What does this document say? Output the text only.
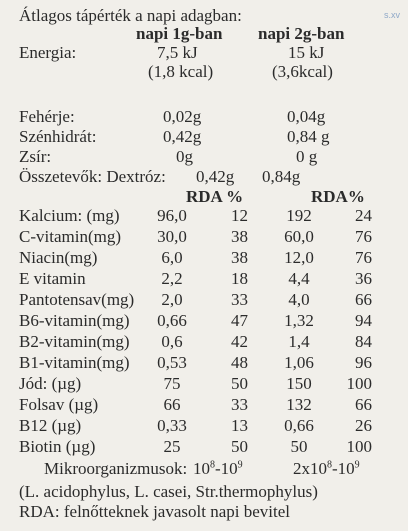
s.xv
Átlagos tápérték a napi adagban:
napi 1g-ban napi 2g-ban
Energia:	7,5 kJ	15 kJ
(1,8 kcal)	(3,6kcal)
Fehérje:	0,02g	0,04g
Szénhidrát:	0,42g	0,84 g
Zsír:	0g	0 g
Összetevők: Dextróz: 0,42g 0,84g
RDA %	RDA%
Kalcium: (mg)	96,0	12	192	24
C-vitamin(mg)	30,0	38	60,0	76
Niacin(mg)	6,0	38	12,0	76
E vitamin	2,2	18	4,4	36
Pantotensav(mg)	2,0	33	4,0	66
B6-vitamin(mg)	0,66	47	1,32	94
B2-vitamin(mg)	0,6	42	1,4	84
B1-vitamin(mg)	0,53	48	1,06	96
Jód: (µg)	75	50	150	100
Folsav (µg)	66	33	132	66
B12 (µg)	0,33	13	0,66	26
Biotin (µg)	25	50	50	100
Mikroorganizmusok: $10^8-10^9$	$2x10^8-10^9$
(L. acidophylus, L. casei, Str.thermophylus)
RDA: felnőtteknek javasolt napi bevitel
